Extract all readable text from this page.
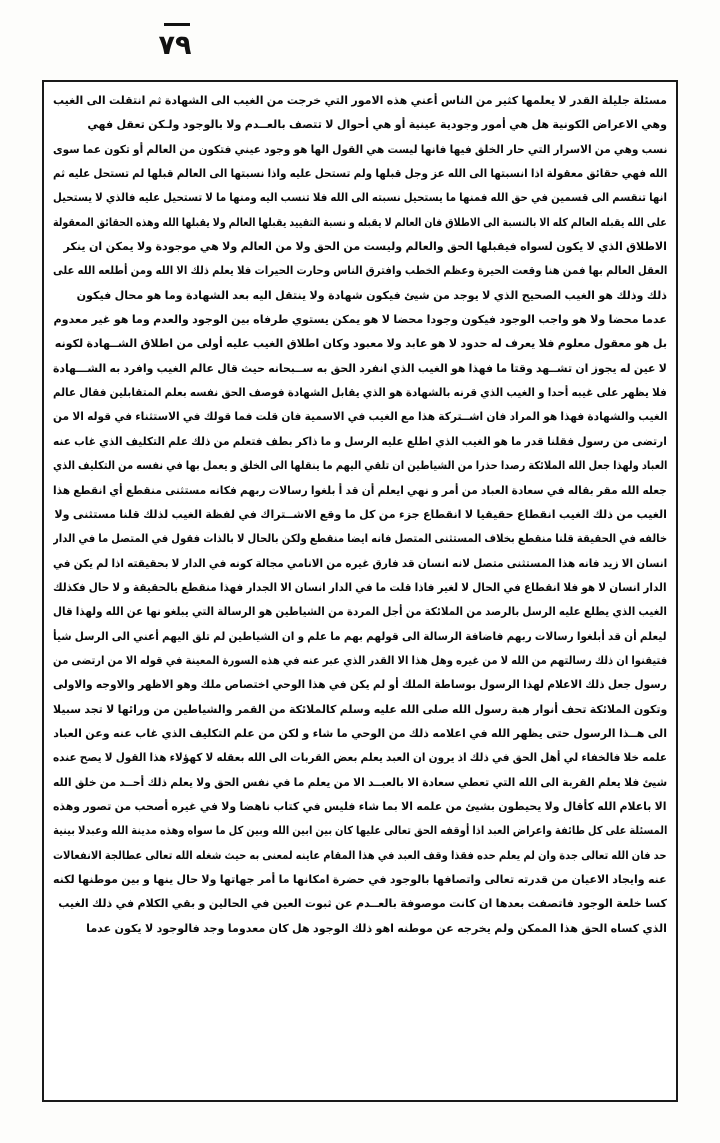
٧٩
مسئلة جليلة القدر لا يعلمها كثير من الناس أعني هذه الامور التي خرجت من الغيب الى الشهادة ثم انتقلت الى الغيب
وهي الاعراض الكونية هل هي أمور وجودية عينية أو هي أحوال لا تتصف بالعــدم ولا بالوجود ولـكن تعقل فهي
نسب وهي من الاسرار التي حار الخلق فيها فانها ليست هي القول الها هو وجود عيني فتكون من العالم أو تكون عما سوى
الله فهي حقائق معقولة اذا انسبتها الى الله عز وجل قبلها ولم تستحل عليه واذا نسبتها الى العالم قبلها لم تستحل عليه ثم
انها تنقسم الى قسمين في حق الله فمنها ما يستحيل نسبته الى الله فلا تنسب اليه ومنها ما لا تستحيل عليه فالذي لا يستحيل
على الله يقبله العالم كله الا بالنسبة الى الاطلاق فان العالم لا يقبله و نسبة التقييد يقبلها العالم ولا يقبلها الله وهذه الحقائق المعقولة
الاطلاق الذي لا يكون لسواه فيقبلها الحق والعالم وليست من الحق ولا من العالم ولا هي موجودة ولا يمكن ان ينكر
العقل العالم بها فمن هنا وقعت الحيرة وعظم الخطب وافترق الناس وحارت الحيرات فلا يعلم ذلك الا الله ومن أطلعه الله على
ذلك وذلك هو الغيب الصحيح الذي لا يوجد من شيئ فيكون شهادة ولا ينتقل اليه بعد الشهادة وما هو محال فيكون
عدما محضا ولا هو واجب الوجود فيكون وجودا محضا لا هو يمكن يستوي طرفاه بين الوجود والعدم وما هو غير معدوم
بل هو معقول معلوم فلا يعرف له حدود لا هو عابد ولا معبود وكان اطلاق الغيب عليه أولى من اطلاق الشــهادة لكونه
لا عين له يجوز ان تشــهد وقتا ما فهذا هو الغيب الذي انفرد الحق به ســبحانه حيث قال عالم الغيب وافرد به الشـــهادة
فلا يظهر على غيبه أحدا و الغيب الذي قرنه بالشهادة هو الذي يقابل الشهادة فوصف الحق نفسه بعلم المتقابلين فقال عالم
الغيب والشهادة فهذا هو المراد فان اشــتركة هذا مع الغيب في الاسمية فان قلت فما قولك في الاستثناء في قوله الا من
ارتضى من رسول فقلنا قدر ما هو الغيب الذي اطلع عليه الرسل و ما ذاكر بطف فتعلم من ذلك علم التكليف الذي غاب عنه
العباد ولهذا جعل الله الملائكة رصدا حذرا من الشياطين ان تلقي اليهم ما ينقلها الى الخلق و يعمل بها في نفسه من التكليف الذي
جعله الله مقر بقاله في سعادة العباد من أمر و نهي ايعلم أن قد أ بلغوا رسالات ربهم فكانه مستثنى منقطع أي انقطع هذا
الغيب من ذلك الغيب انقطاع حقيقيا لا انقطاع جزء من كل ما وقع الاشــتراك في لفظة الغيب لذلك قلنا مستثنى ولا
خالفه في الحقيقة قلنا منقطع بخلاف المستثنى المتصل فانه ايضا منقطع ولكن بالحال لا بالذات فقول في المتصل ما في الدار
انسان الا زيد فانه هذا المستثنى متصل لانه انسان قد فارق غيره من الانامي مجالة كونه في الدار لا بحقيقته اذا لم يكن في
الدار انسان لا هو فلا انقطاع في الحال لا لغير فاذا قلت ما في الدار انسان الا الجدار فهذا منقطع بالحقيقة و لا حال فكذلك
الغيب الذي يطلع عليه الرسل بالرصد من الملائكة من أجل المردة من الشياطين هو الرسالة التي يبلغو نها عن الله ولهذا قال
ليعلم أن قد أبلغوا رسالات ربهم فاضافة الرسالة الى قولهم بهم ما علم و ان الشياطين لم تلق اليهم أعني الى الرسل شيأ
فتيقنوا ان ذلك رسالتهم من الله لا من غيره وهل هذا الا القدر الذي عبر عنه في هذه السورة المعينة في قوله الا من ارتضى من
رسول جعل ذلك الاعلام لهذا الرسول بوساطة الملك أو لم يكن في هذا الوحي اختصاص ملك وهو الاظهر والاوجه والاولى
وتكون الملائكة تحف أنوار هبة رسول الله صلى الله عليه وسلم كالملائكة من القمر والشياطين من ورائها لا تجد سبيلا
الى هــذا الرسول حتى يظهر الله في اعلامه ذلك من الوحي ما شاء و لكن من علم التكليف الذي غاب عنه وعن العباد
علمه خلا فالخفاء لي أهل الحق في ذلك اذ يرون ان العبد يعلم بعض القربات الى الله بعقله لا كهؤلاء هذا القول لا يصح عنده
شيئ فلا يعلم القربة الى الله التي تعطي سعادة الا بالعبــد الا من يعلم ما في نفس الحق ولا يعلم ذلك أحــد من خلق الله
الا باعلام الله كأقال ولا يحيطون بشيئ من علمه الا بما شاء فليس في كتاب ناهضا ولا في غيره أصحب من تصور وهذه
المسئلة على كل طائفة واعراض العبد اذا أوقفه الحق تعالى عليها كان بين ابين الله وبين كل ما سواه وهذه مدينة الله وعبدلا بينية
حد فان الله تعالى جدة وان لم يعلم حده فقذا وقف العبد في هذا المقام عاينه لمعنى به حيث شغله الله تعالى عطالجة الانفعالات
عنه وايجاد الاعيان من قدرته تعالى واتصافها بالوجود في حضرة امكانها ما أمر جهاتها ولا حال ينها و بين موطنها لكنه
كسا خلعة الوجود فاتصفت بعدها ان كانت موصوفة بالعــدم عن ثبوت العين في الحالين و بقي الكلام في ذلك الغيب
الذي كساه الحق هذا الممكن ولم يخرجه عن موطنه اهو ذلك الوجود هل كان معدوما وجد فالوجود لا يكون عدما
